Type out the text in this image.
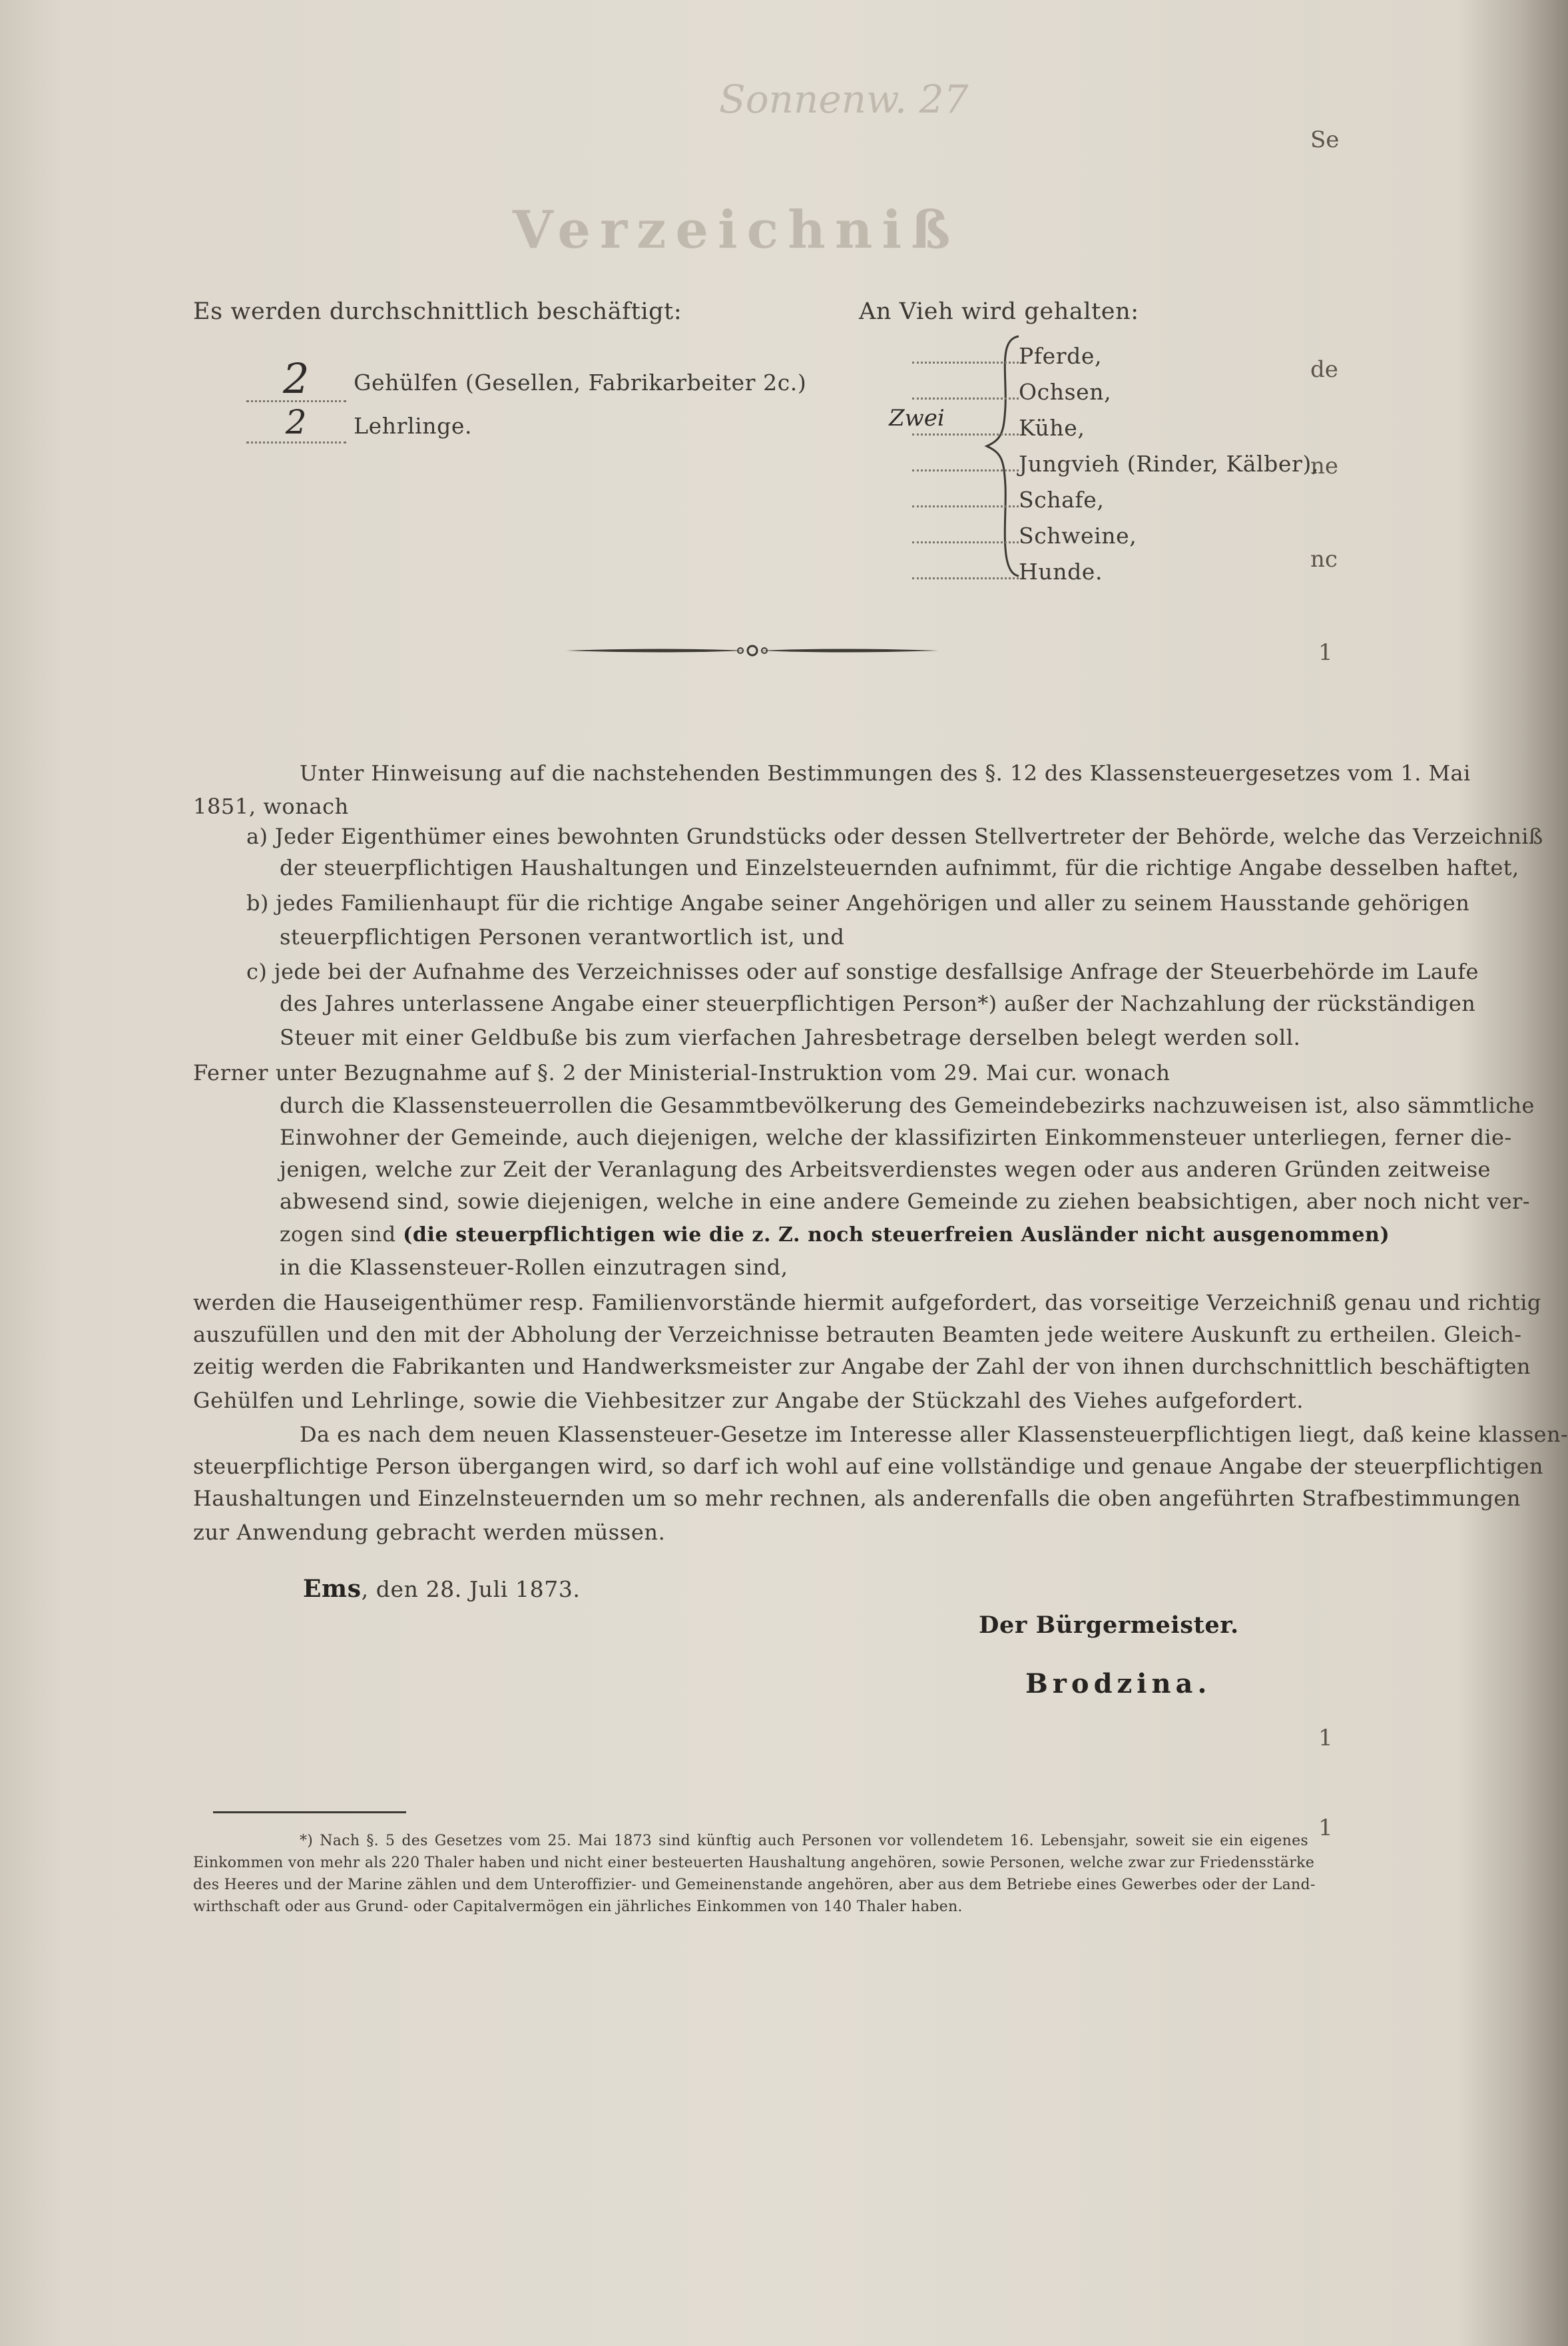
Sonnenw. 27
Verzeichniß
Se
de
ne
nc
1
1
1
Es werden durchschnittlich beschäftigt:
2 Gehülfen (Gesellen, Fabrikarbeiter 2c.)
2 Lehrlinge.
An Vieh wird gehalten:
Zwei
Pferde,
Ochsen,
Kühe,
Jungvieh (Rinder, Kälber),
Schafe,
Schweine,
Hunde.
Unter Hinweisung auf die nachstehenden Bestimmungen des §. 12 des Klassensteuergesetzes vom 1. Mai
1851, wonach
a) Jeder Eigenthümer eines bewohnten Grundstücks oder dessen Stellvertreter der Behörde, welche das Verzeichniß
der steuerpflichtigen Haushaltungen und Einzelsteuernden aufnimmt, für die richtige Angabe desselben haftet,
b) jedes Familienhaupt für die richtige Angabe seiner Angehörigen und aller zu seinem Hausstande gehörigen
steuerpflichtigen Personen verantwortlich ist, und
c) jede bei der Aufnahme des Verzeichnisses oder auf sonstige desfallsige Anfrage der Steuerbehörde im Laufe
des Jahres unterlassene Angabe einer steuerpflichtigen Person*) außer der Nachzahlung der rückständigen
Steuer mit einer Geldbuße bis zum vierfachen Jahresbetrage derselben belegt werden soll.
Ferner unter Bezugnahme auf §. 2 der Ministerial-Instruktion vom 29. Mai cur. wonach
durch die Klassensteuerrollen die Gesammtbevölkerung des Gemeindebezirks nachzuweisen ist, also sämmtliche
Einwohner der Gemeinde, auch diejenigen, welche der klassifizirten Einkommensteuer unterliegen, ferner die-
jenigen, welche zur Zeit der Veranlagung des Arbeitsverdienstes wegen oder aus anderen Gründen zeitweise
abwesend sind, sowie diejenigen, welche in eine andere Gemeinde zu ziehen beabsichtigen, aber noch nicht ver-
zogen sind (die steuerpflichtigen wie die z. Z. noch steuerfreien Ausländer nicht ausgenommen)
in die Klassensteuer-Rollen einzutragen sind,
werden die Hauseigenthümer resp. Familienvorstände hiermit aufgefordert, das vorseitige Verzeichniß genau und richtig
auszufüllen und den mit der Abholung der Verzeichnisse betrauten Beamten jede weitere Auskunft zu ertheilen. Gleich-
zeitig werden die Fabrikanten und Handwerksmeister zur Angabe der Zahl der von ihnen durchschnittlich beschäftigten
Gehülfen und Lehrlinge, sowie die Viehbesitzer zur Angabe der Stückzahl des Viehes aufgefordert.
Da es nach dem neuen Klassensteuer-Gesetze im Interesse aller Klassensteuerpflichtigen liegt, daß keine klassen-
steuerpflichtige Person übergangen wird, so darf ich wohl auf eine vollständige und genaue Angabe der steuerpflichtigen
Haushaltungen und Einzelnsteuernden um so mehr rechnen, als anderenfalls die oben angeführten Strafbestimmungen
zur Anwendung gebracht werden müssen.
Ems, den 28. Juli 1873.
Der Bürgermeister.
Brodzina.
*) Nach §. 5 des Gesetzes vom 25. Mai 1873 sind künftig auch Personen vor vollendetem 16. Lebensjahr, soweit sie ein eigenes
Einkommen von mehr als 220 Thaler haben und nicht einer besteuerten Haushaltung angehören, sowie Personen, welche zwar zur Friedensstärke
des Heeres und der Marine zählen und dem Unteroffizier- und Gemeinenstande angehören, aber aus dem Betriebe eines Gewerbes oder der Land-
wirthschaft oder aus Grund- oder Capitalvermögen ein jährliches Einkommen von 140 Thaler haben.
